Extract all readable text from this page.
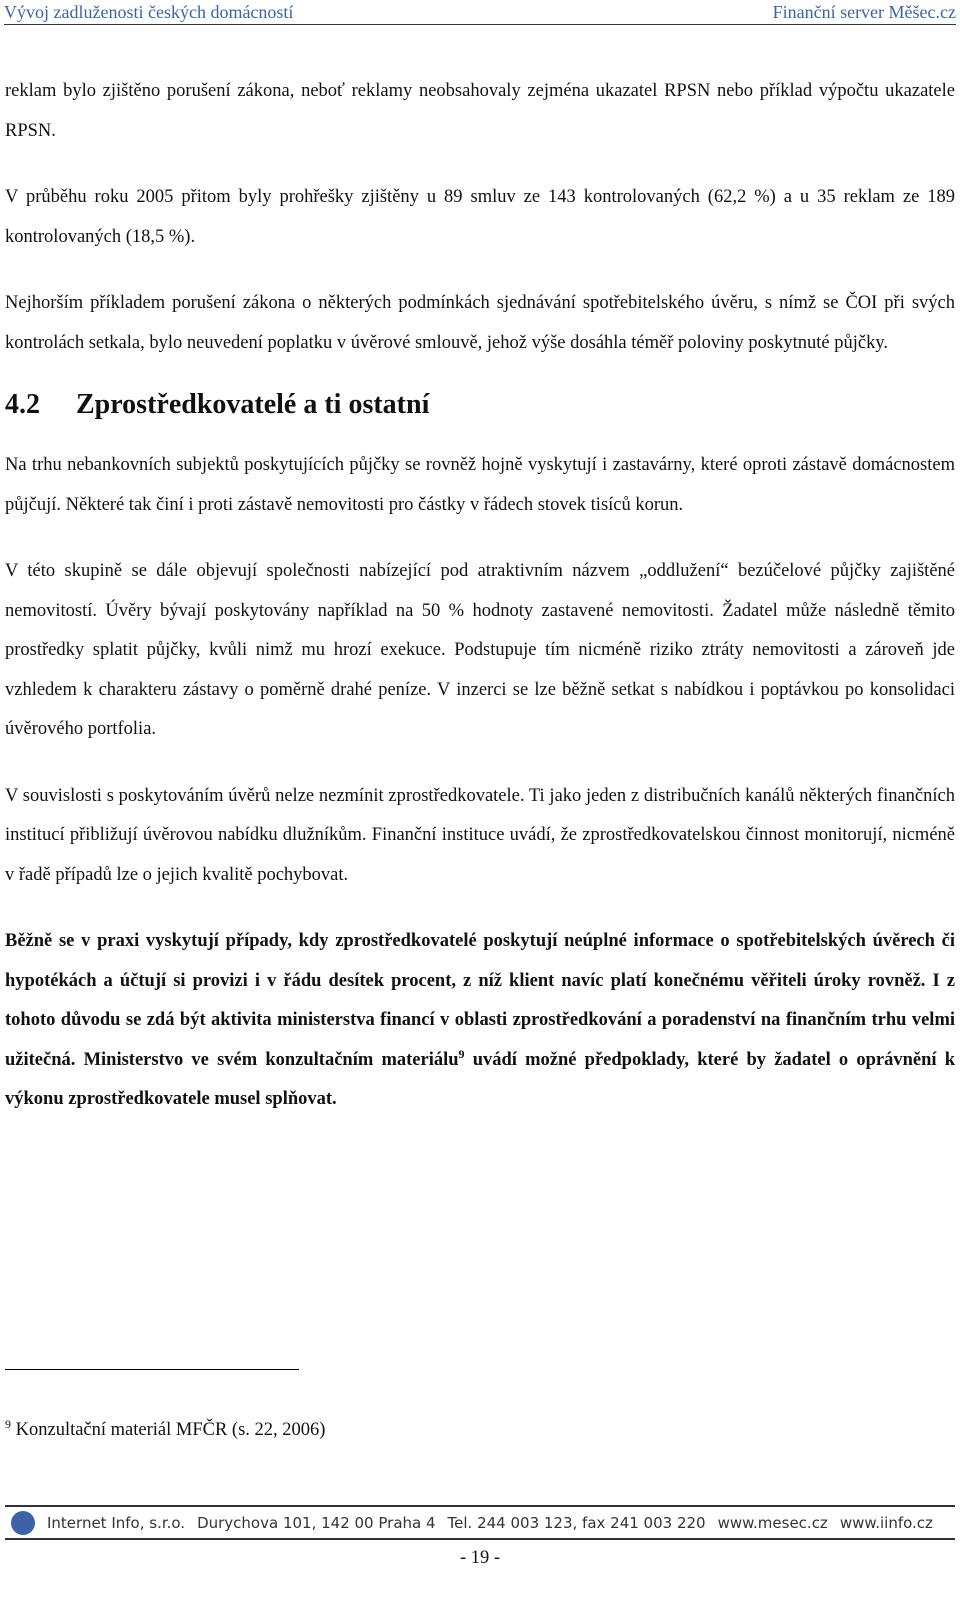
Vývoj zadluženosti českých domácností	Finanční server Měšec.cz

reklam bylo zjištěno porušení zákona, neboť reklamy neobsahovaly zejména ukazatel RPSN nebo příklad výpočtu ukazatele RPSN.

V průběhu roku 2005 přitom byly prohřešky zjištěny u 89 smluv ze 143 kontrolovaných (62,2 %) a u 35 reklam ze 189 kontrolovaných (18,5 %).

Nejhorším příkladem porušení zákona o některých podmínkách sjednávání spotřebitelského úvěru, s nímž se ČOI při svých kontrolách setkala, bylo neuvedení poplatku v úvěrové smlouvě, jehož výše dosáhla téměř poloviny poskytnuté půjčky.

4.2 Zprostředkovatelé a ti ostatní

Na trhu nebankovních subjektů poskytujících půjčky se rovněž hojně vyskytují i zastavárny, které oproti zástavě domácnostem půjčují. Některé tak činí i proti zástavě nemovitosti pro částky v řádech stovek tisíců korun.

V této skupině se dále objevují společnosti nabízející pod atraktivním názvem „oddlužení“ bezúčelové půjčky zajištěné nemovitostí. Úvěry bývají poskytovány například na 50 % hodnoty zastavené nemovitosti. Žadatel může následně těmito prostředky splatit půjčky, kvůli nimž mu hrozí exekuce. Podstupuje tím nicméně riziko ztráty nemovitosti a zároveň jde vzhledem k charakteru zástavy o poměrně drahé peníze. V inzerci se lze běžně setkat s nabídkou i poptávkou po konsolidaci úvěrového portfolia.

V souvislosti s poskytováním úvěrů nelze nezmínit zprostředkovatele. Ti jako jeden z distribučních kanálů některých finančních institucí přibližují úvěrovou nabídku dlužníkům. Finanční instituce uvádí, že zprostředkovatelskou činnost monitorují, nicméně v řadě případů lze o jejich kvalitě pochybovat.

Běžně se v praxi vyskytují případy, kdy zprostředkovatelé poskytují neúplné informace o spotřebitelských úvěrech či hypotékách a účtují si provizi i v řádu desítek procent, z níž klient navíc platí konečnému věřiteli úroky rovněž. I z tohoto důvodu se zdá být aktivita ministerstva financí v oblasti zprostředkování a poradenství na finančním trhu velmi užitečná. Ministerstvo ve svém konzultačním materiálu$^9$ uvádí možné předpoklady, které by žadatel o oprávnění k výkonu zprostředkovatele musel splňovat.

$^9$ Konzultační materiál MFČR (s. 22, 2006)
Internet Info, s.r.o. Durychova 101, 142 00 Praha 4 Tel. 244 003 123, fax 241 003 220 www.mesec.cz www.iinfo.cz
- 19 -
